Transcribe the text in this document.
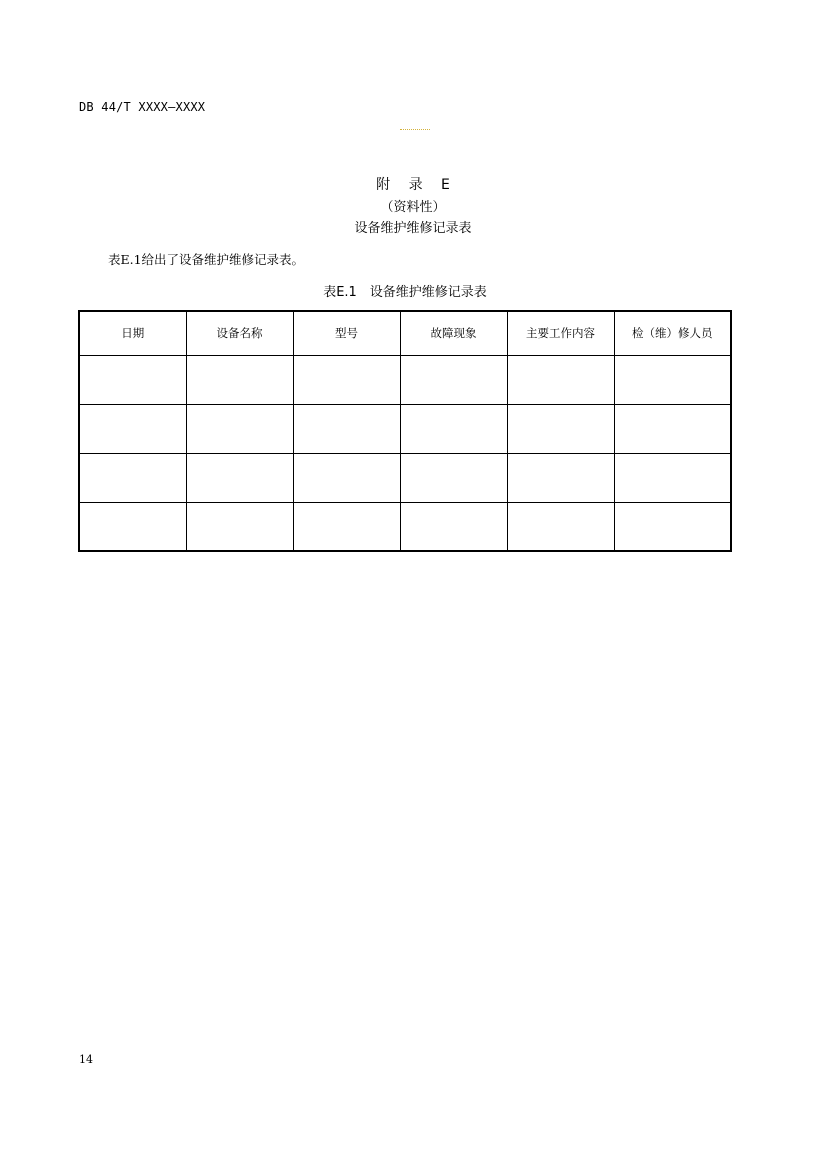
DB 44/T XXXX—XXXX
附 录 E

（资料性）

设备维护维修记录表

表E.1给出了设备维护维修记录表。

表E.1　设备维护维修记录表

日期	设备名称	型号	故障现象	主要工作内容	检（维）修人员

14
